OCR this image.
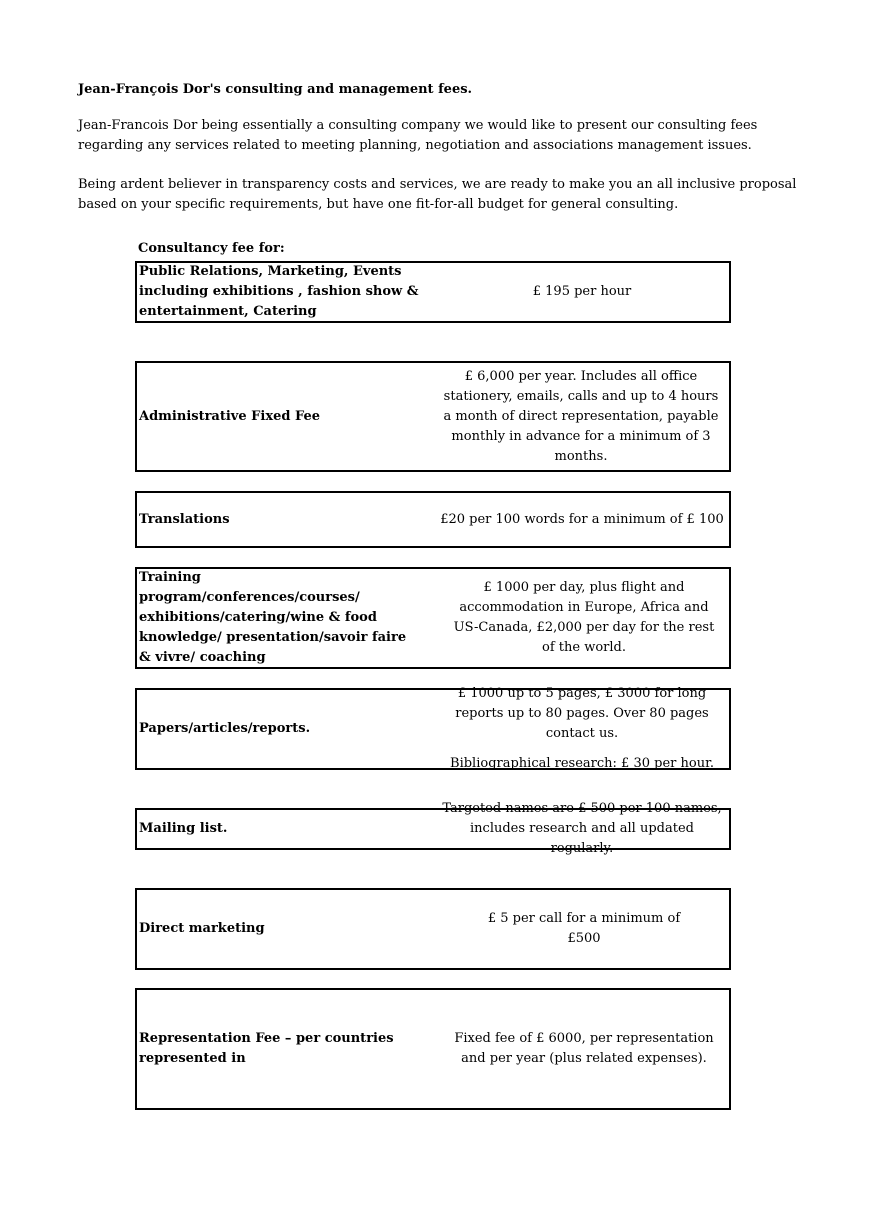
Jean-François Dor's consulting and management fees.
Jean-Francois Dor being essentially a consulting company we would like to present our consulting fees regarding any services related to meeting planning, negotiation and associations management issues.
Being ardent believer in transparency costs and services, we are ready to make you an all inclusive proposal based on your specific requirements, but have one fit-for-all budget for general consulting.
Consultancy fee for:
Public Relations, Marketing, Events including exhibitions , fashion show & entertainment, Catering
£ 195 per hour
Administrative Fixed Fee
£ 6,000 per year. Includes all office stationery, emails, calls and up to 4 hours a month of direct representation, payable monthly in advance for a minimum of 3 months.
Translations	£20 per 100 words for a minimum of £ 100
Training program/conferences/courses/ exhibitions/catering/wine & food knowledge/ presentation/savoir faire & vivre/ coaching
£ 1000 per day, plus flight and accommodation in Europe, Africa and US-Canada, £2,000 per day for the rest of the world.
Papers/articles/reports.
£ 1000 up to 5 pages, £ 3000 for long reports up to 80 pages. Over 80 pages contact us.
Bibliographical research: £ 30 per hour.
Mailing list.
Targeted names are £ 500 per 100 names, includes research and all updated regularly.
Direct marketing
£ 5 per call for a minimum of £500
Representation Fee – per countries represented in
Fixed fee of £ 6000, per representation and per year (plus related expenses).
